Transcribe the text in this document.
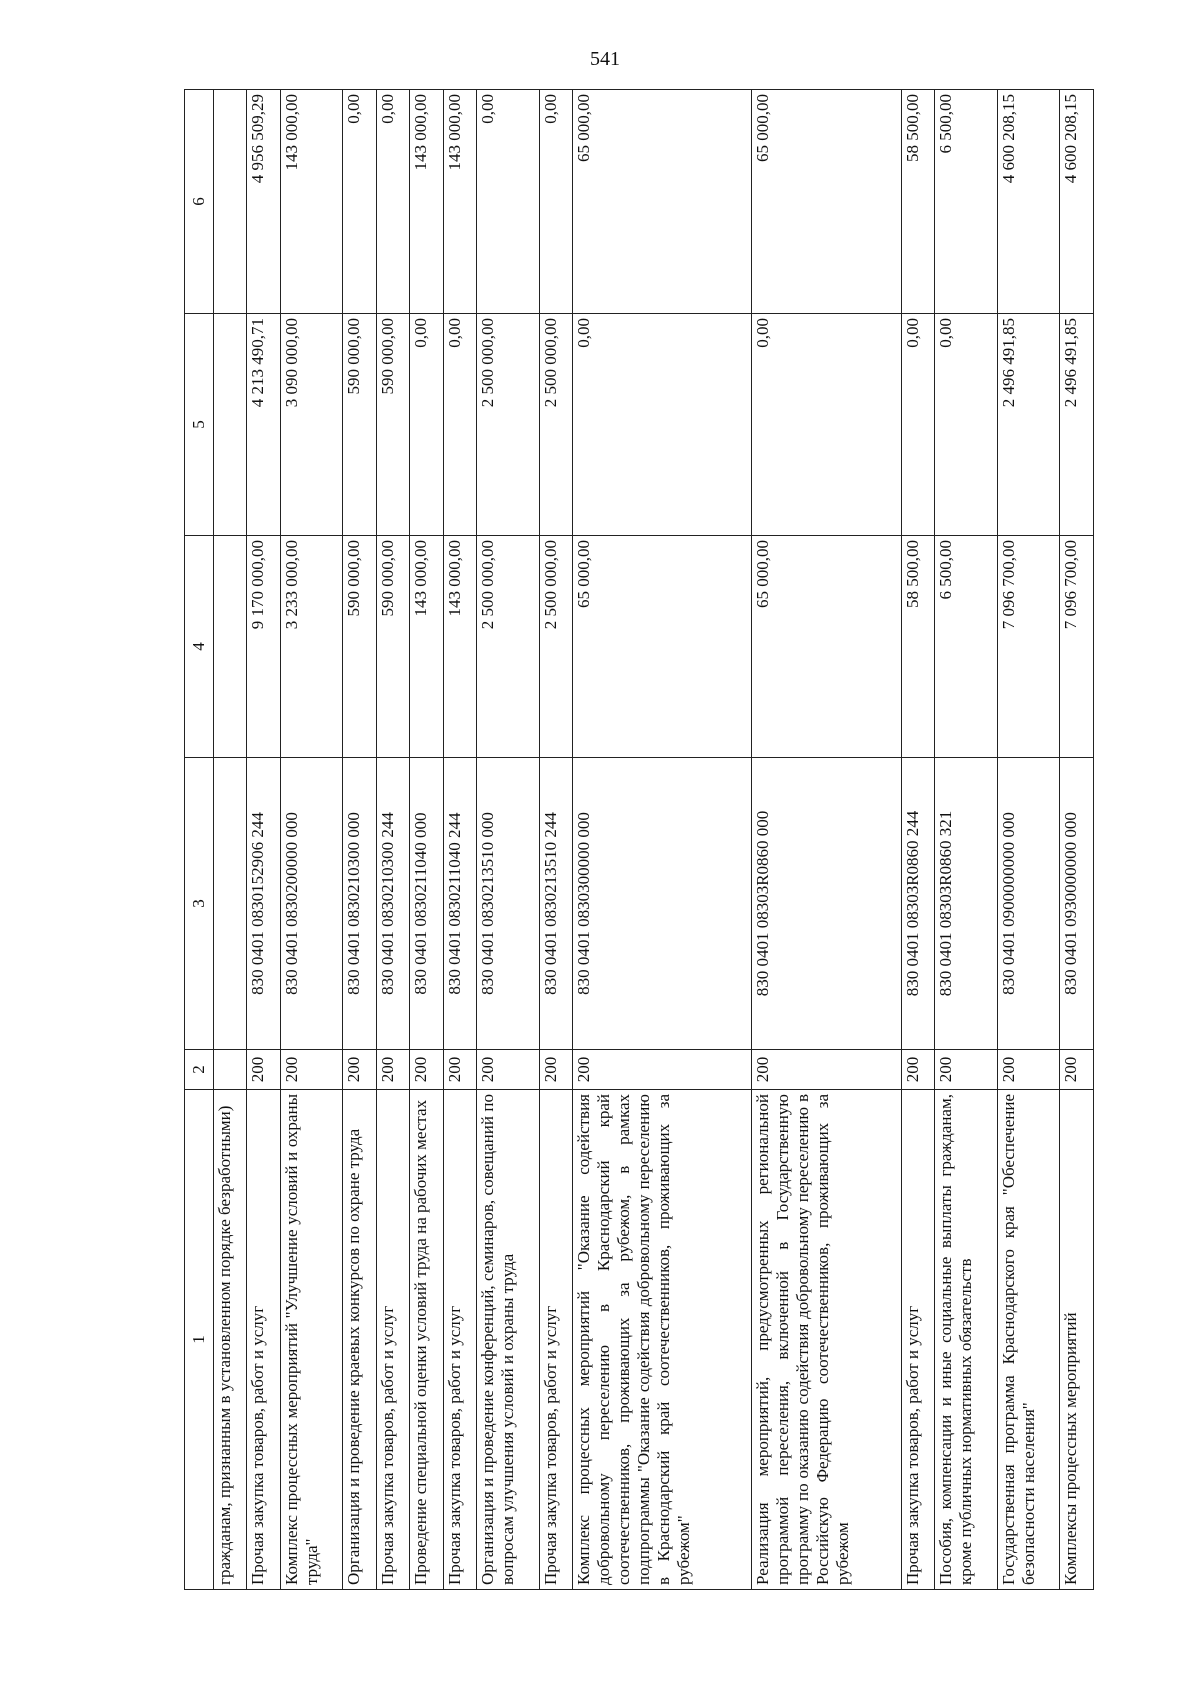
541
1	2	3	4	5	6
гражданам, признанным в установленном порядке безработными)					
Прочая закупка товаров, работ и услуг	200	830 0401 0830152906 244	9 170 000,00	4 213 490,71	4 956 509,29
Комплекс процессных мероприятий "Улучшение условий и охраны труда"	200	830 0401 0830200000 000	3 233 000,00	3 090 000,00	143 000,00
Организация и проведение краевых конкурсов по охране труда	200	830 0401 0830210300 000	590 000,00	590 000,00	0,00
Прочая закупка товаров, работ и услуг	200	830 0401 0830210300 244	590 000,00	590 000,00	0,00
Проведение специальной оценки условий труда на рабочих местах	200	830 0401 0830211040 000	143 000,00	0,00	143 000,00
Прочая закупка товаров, работ и услуг	200	830 0401 0830211040 244	143 000,00	0,00	143 000,00
Организация и проведение конференций, семинаров, совещаний по вопросам улучшения условий и охраны труда	200	830 0401 0830213510 000	2 500 000,00	2 500 000,00	0,00
Прочая закупка товаров, работ и услуг	200	830 0401 0830213510 244	2 500 000,00	2 500 000,00	0,00
Комплекс процессных мероприятий "Оказание содействия добровольному переселению в Краснодарский край соотечественников, проживающих за рубежом, в рамках подпрограммы "Оказание содействия добровольному переселению в Краснодарский край соотечественников, проживающих за рубежом"	200	830 0401 0830300000 000	65 000,00	0,00	65 000,00
Реализация мероприятий, предусмотренных региональной программой переселения, включенной в Государственную программу по оказанию содействия добровольному переселению в Российскую Федерацию соотечественников, проживающих за рубежом	200	830 0401 08303R0860 000	65 000,00	0,00	65 000,00
Прочая закупка товаров, работ и услуг	200	830 0401 08303R0860 244	58 500,00	0,00	58 500,00
Пособия, компенсации и иные социальные выплаты гражданам, кроме публичных нормативных обязательств	200	830 0401 08303R0860 321	6 500,00	0,00	6 500,00
Государственная программа Краснодарского края "Обеспечение безопасности населения"	200	830 0401 0900000000 000	7 096 700,00	2 496 491,85	4 600 208,15
Комплексы процессных мероприятий	200	830 0401 0930000000 000	7 096 700,00	2 496 491,85	4 600 208,15
